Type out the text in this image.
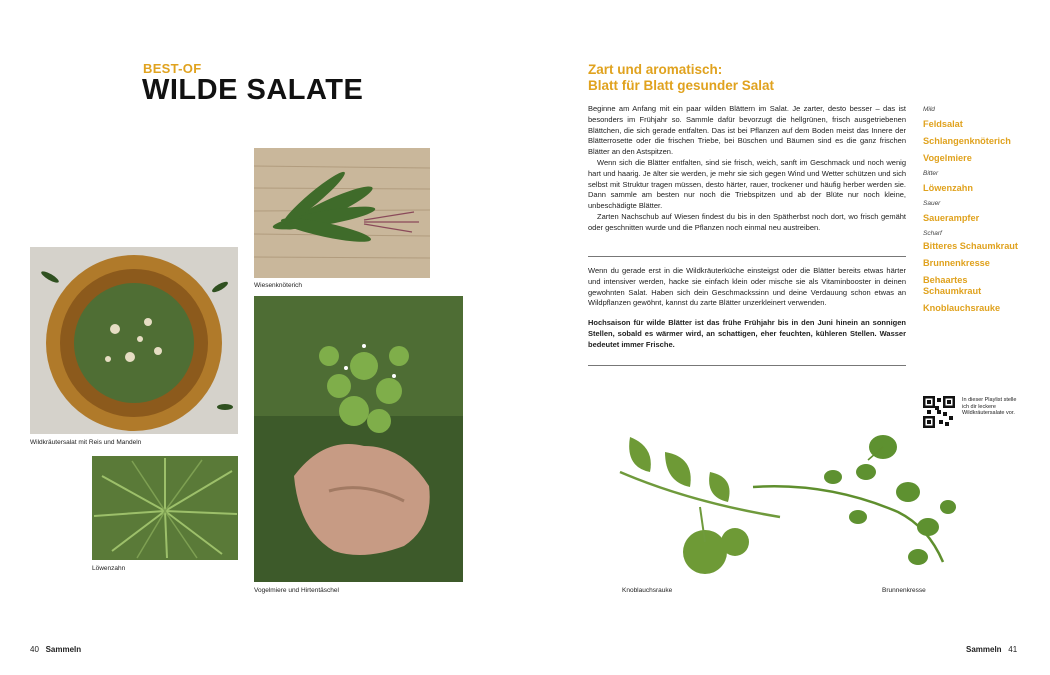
BEST-OF
WILDE SALATE
Wiesenknöterich
Wildkräutersalat mit Reis und Mandeln
Löwenzahn
Vogelmiere und Hirtentäschel
40 Sammeln
Zart und aromatisch:
Blatt für Blatt gesunder Salat

Beginne am Anfang mit ein paar wilden Blättern im Salat. Je zarter, desto besser – das ist besonders im Frühjahr so. Sammle dafür bevorzugt die hellgrünen, frisch ausgetriebenen Blättchen, die sich gerade entfalten. Das ist bei Pflanzen auf dem Boden meist das Innere der Blätterrosette oder die frischen Triebe, bei Büschen und Bäumen sind es die ganz frischen Blätter an den Astspitzen.

Wenn sich die Blätter entfalten, sind sie frisch, weich, sanft im Geschmack und noch wenig hart und haarig. Je älter sie werden, je mehr sie sich gegen Wind und Wetter schützen und sich selbst mit Struktur tragen müssen, desto härter, rauer, trockener und häufig herber werden sie. Dann sammle am besten nur noch die Triebspitzen und ab der Blüte nur noch kleine, unbeschädigte Blätter.

Zarten Nachschub auf Wiesen findest du bis in den Spätherbst noch dort, wo frisch gemäht oder geschnitten wurde und die Pflanzen noch einmal neu austreiben.

Wenn du gerade erst in die Wildkräuterküche einsteigst oder die Blätter bereits etwas härter und intensiver werden, hacke sie einfach klein oder mische sie als Vitaminbooster in deinen gewohnten Salat. Haben sich dein Geschmackssinn und deine Verdauung schon etwas an Wildpflanzen gewöhnt, kannst du zarte Blätter unzerkleinert verwenden.

Hochsaison für wilde Blätter ist das frühe Frühjahr bis in den Juni hinein an sonnigen Stellen, sobald es wärmer wird, an schattigen, eher feuchten, kühleren Stellen. Wasser bedeutet immer Frische.

Mild
Feldsalat
Schlangenknöterich
Vogelmiere
Bitter
Löwenzahn
Sauer
Sauerampfer
Scharf
Bitteres Schaumkraut
Brunnenkresse
Behaartes Schaumkraut
Knoblauchsrauke
In dieser Playlist stelle ich dir leckere Wildkräutersalate vor.
Knoblauchsrauke	Brunnenkresse
Sammeln 41
